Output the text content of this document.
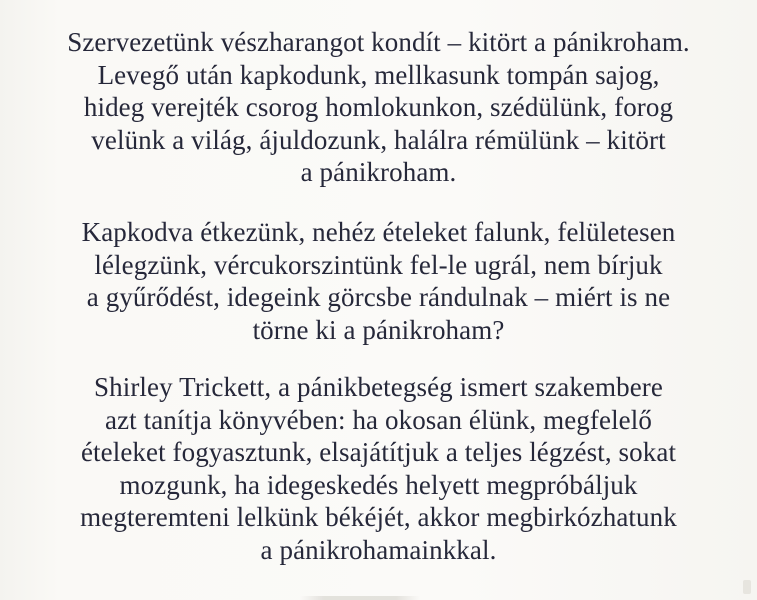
Szervezetünk vészharangot kondít – kitört a pánikroham.
Levegő után kapkodunk, mellkasunk tompán sajog,
hideg verejték csorog homlokunkon, szédülünk, forog
velünk a világ, ájuldozunk, halálra rémülünk – kitört
a pánikroham.
Kapkodva étkezünk, nehéz ételeket falunk, felületesen
lélegzünk, vércukorszintünk fel-le ugrál, nem bírjuk
a gyűrődést, idegeink görcsbe rándulnak – miért is ne
törne ki a pánikroham?
Shirley Trickett, a pánikbetegség ismert szakembere
azt tanítja könyvében: ha okosan élünk, megfelelő
ételeket fogyasztunk, elsajátítjuk a teljes légzést, sokat
mozgunk, ha idegeskedés helyett megpróbáljuk
megteremteni lelkünk békéjét, akkor megbirkózhatunk
a pánikrohamainkkal.
